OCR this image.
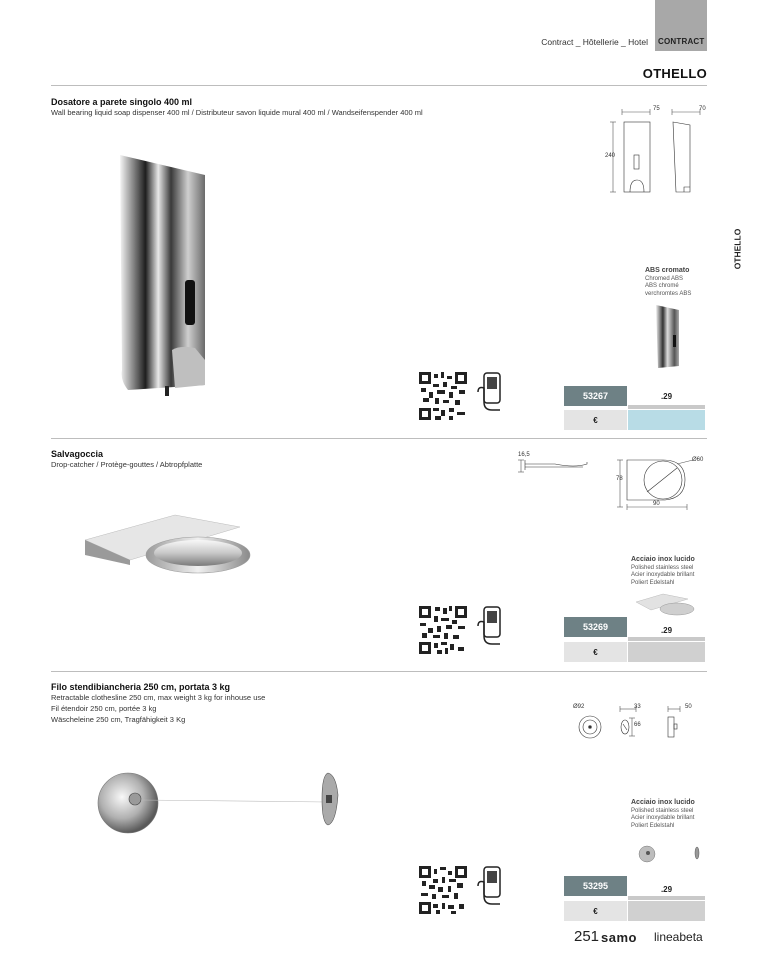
Contract _ Hôtellerie _ Hotel CONTRACT
OTHELLO
OTHELLO
Dosatore a parete singolo 400 ml
Wall bearing liquid soap dispenser 400 ml / Distributeur savon liquide mural 400 ml / Wandseifenspender 400 ml	75	70
240
ABS cromato
Chromed ABS
ABS chromé
verchromtes ABS
53267	.29
€
Salvagoccia
Drop-catcher / Protège-gouttes / Abtropfplatte
16,5
Ø60
78
90
Acciaio inox lucido
Polished stainless steel
Acier inoxydable brillant
Poliert Edelstahl
53269	.29
€
Filo stendibiancheria 250 cm, portata 3 kg
Retractable clothesline 250 cm, max weight 3 kg for inhouse use
Fil étendoir 250 cm, portée 3 kg
Wäscheleine 250 cm, Tragfähigkeit 3 Kg
Ø92	33
66
50
Acciaio inox lucido
Polished stainless steel
Acier inoxydable brillant
Poliert Edelstahl
53295	.29
€
251 samo lineabeta
